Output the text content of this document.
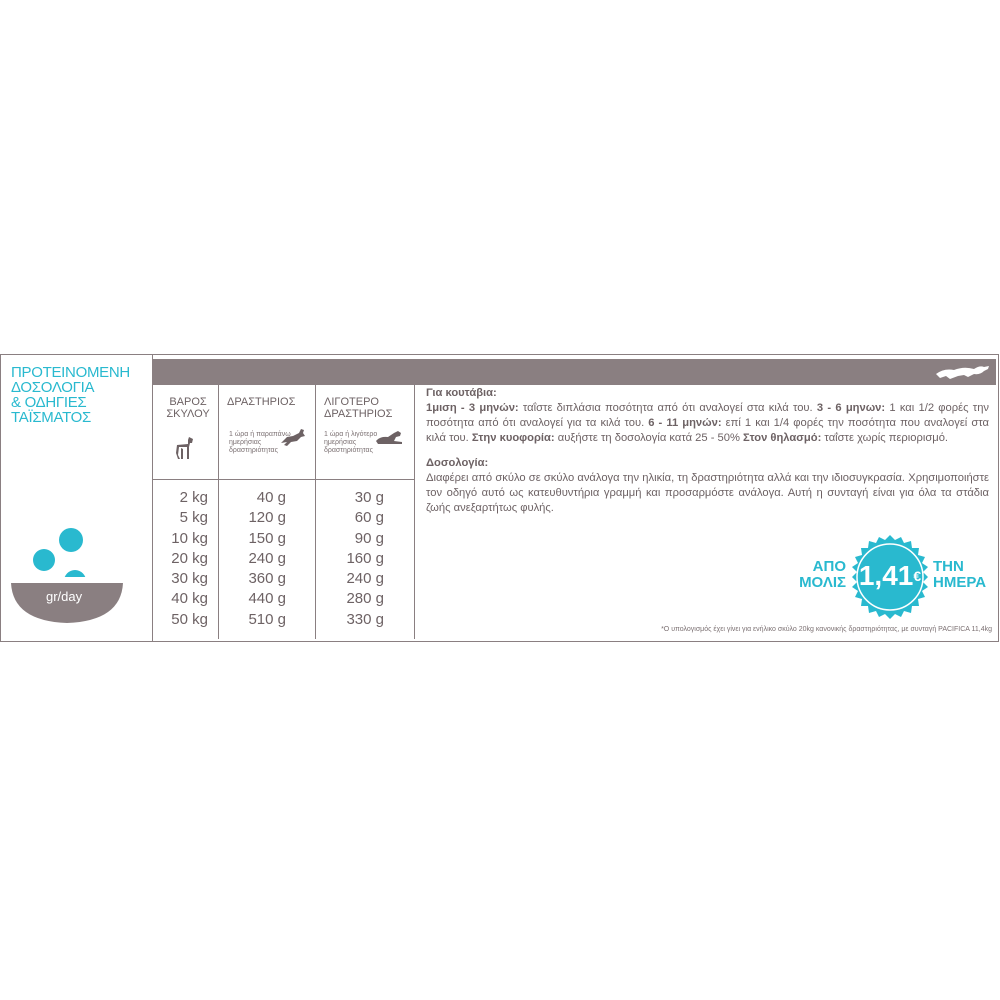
ΠΡΟΤΕΙΝΟΜΕΝΗ
ΔΟΣΟΛΟΓΙΑ
& ΟΔΗΓΙΕΣ
ΤΑΪΣΜΑΤΟΣ
gr/day
ΒΑΡΟΣ ΣΚΥΛΟΥ
2 kg
5 kg
10 kg
20 kg
30 kg
40 kg
50 kg
ΔΡΑΣΤΗΡΙΟΣ
1 ώρα ή παραπάνω ημερήσιας δραστηριότητας
40 g
120 g
150 g
240 g
360 g
440 g
510 g
ΛΙΓΟΤΕΡΟ ΔΡΑΣΤΗΡΙΟΣ
1 ώρα ή λιγότερο ημερήσιας δραστηριότητας
30 g
60 g
90 g
160 g
240 g
280 g
330 g

Για κουτάβια:

1μιση - 3 μηνών: ταΐστε διπλάσια ποσότητα από ότι αναλογεί στα κιλά του. 3 - 6 μηνων: 1 και 1/2 φορές την ποσότητα από ότι αναλογεί για τα κιλά του. 6 - 11 μηνών: επί 1 και 1/4 φορές την ποσότητα που αναλογεί στα κιλά του. Στην κυοφορία: αυξήστε τη δοσολογία κατά 25 - 50% Στον θηλασμό: ταΐστε χωρίς περιορισμό.

Δοσολογία:

Διαφέρει από σκύλο σε σκύλο ανάλογα την ηλικία, τη δραστηριότητα αλλά και την ιδιοσυγκρασία. Χρησιμοποιήστε τον οδηγό αυτό ως κατευθυντήρια γραμμή και προσαρμόστε ανάλογα. Αυτή η συνταγή είναι για όλα τα στάδια ζωής ανεξαρτήτως φυλής.

ΑΠΟ
ΜΟΛΙΣ 1,41€
ΤΗΝ
ΗΜΕΡΑ
*Ο υπολογισμός έχει γίνει για ενήλικο σκύλο 20kg κανονικής δραστηριότητας, με συνταγή PACIFICA 11,4kg
